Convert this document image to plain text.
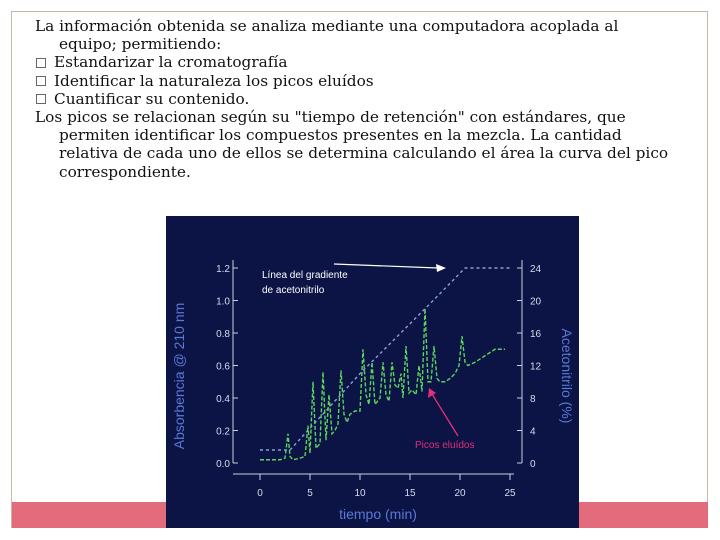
La información obtenida se analiza mediante una computadora acoplada al equipo; permitiendo:

Estandarizar la cromatografía

Identificar la naturaleza los picos eluídos

Cuantificar su contenido.

Los picos se relacionan según su "tiempo de retención" con estándares, que permiten identificar los compuestos presentes en la mezcla. La cantidad relativa de cada uno de ellos se determina calculando el área la curva del pico correspondiente.

Absorbencia @ 210 nm	Acetonitrilo (%)
tiempo (min)
0.0
0.2
0.4
0.6
0.8
1.0
1.2
0
4
8
12
16
20
24
0	5	10	15	20	25
Línea del gradiente
de acetonitrilo
Picos eluídos
